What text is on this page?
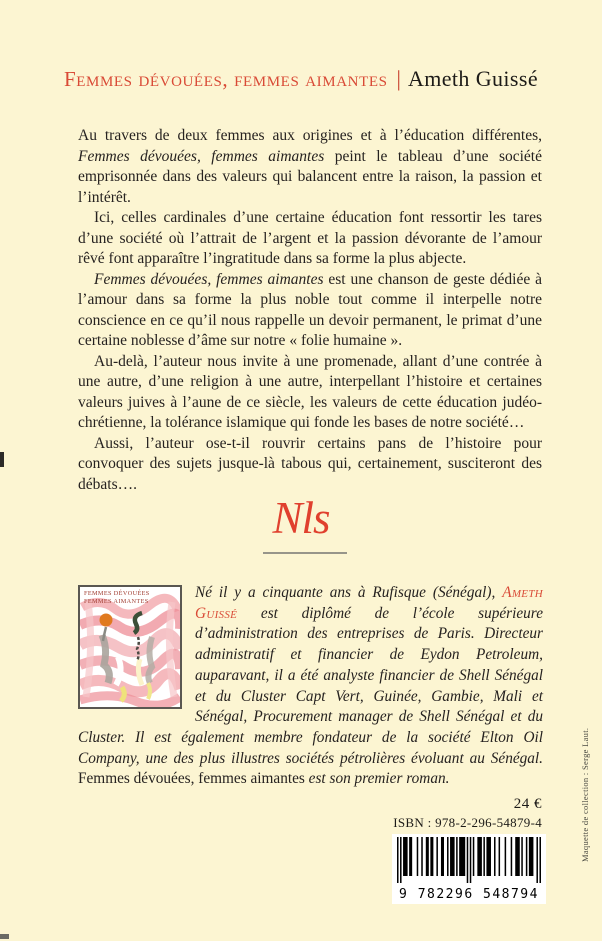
Femmes dévouées, femmes aimantes | Ameth Guissé

Au travers de deux femmes aux origines et à l’éducation différentes, Femmes dévouées, femmes aimantes peint le tableau d’une société emprisonnée dans des valeurs qui balancent entre la raison, la passion et l’intérêt.

Ici, celles cardinales d’une certaine éducation font ressortir les tares d’une société où l’attrait de l’argent et la passion dévorante de l’amour rêvé font apparaître l’ingratitude dans sa forme la plus abjecte.

Femmes dévouées, femmes aimantes est une chanson de geste dédiée à l’amour dans sa forme la plus noble tout comme il interpelle notre conscience en ce qu’il nous rappelle un devoir permanent, le primat d’une certaine noblesse d’âme sur notre « folie humaine ».

Au-delà, l’auteur nous invite à une promenade, allant d’une contrée à une autre, d’une religion à une autre, interpellant l’histoire et certaines valeurs juives à l’aune de ce siècle, les valeurs de cette éducation judéo-chrétienne, la tolérance islamique qui fonde les bases de notre société…

Aussi, l’auteur ose-t-il rouvrir certains pans de l’histoire pour convoquer des sujets jusque-là tabous qui, certainement, susciteront des débats….

Nls
FEMMES DÉVOUÉES
FEMMES AIMANTES

Né il y a cinquante ans à Rufisque (Sénégal), Ameth Guissé est diplômé de l’école supérieure d’administration des entreprises de Paris. Directeur administratif et financier de Eydon Petroleum, auparavant, il a été analyste financier de Shell Sénégal et du Cluster Capt Vert, Guinée, Gambie, Mali et Sénégal, Procurement manager de Shell Sénégal et du Cluster. Il est également membre fondateur de la société Elton Oil Company, une des plus illustres sociétés pétrolières évoluant au Sénégal. Femmes dévouées, femmes aimantes est son premier roman.

24 €
ISBN : 978-2-296-54879-4
9 782296 548794
Maquette de collection : Serge Laut.
